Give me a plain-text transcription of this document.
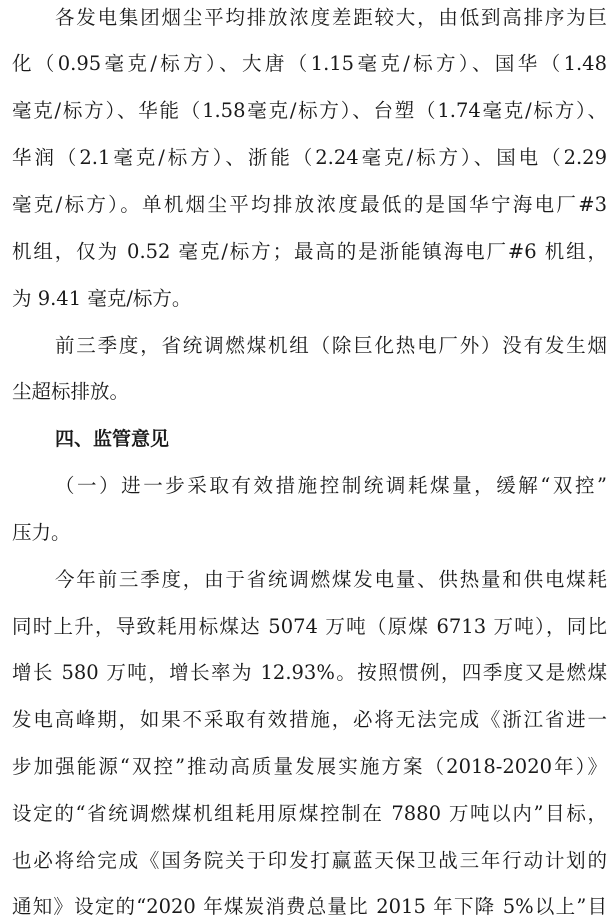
各发电集团烟尘平均排放浓度差距较大，由低到高排序为巨
化（0.95毫克/标方）、大唐（1.15毫克/标方）、国华（1.48
毫克/标方）、华能（1.58毫克/标方）、台塑（1.74毫克/标方）、
华润（2.1毫克/标方）、浙能（2.24毫克/标方）、国电（2.29
毫克/标方）。单机烟尘平均排放浓度最低的是国华宁海电厂#3
机组，仅为 0.52 毫克/标方；最高的是浙能镇海电厂#6 机组，
为 9.41 毫克/标方。
前三季度，省统调燃煤机组（除巨化热电厂外）没有发生烟
尘超标排放。
四、监管意见
（一）进一步采取有效措施控制统调耗煤量，缓解“双控”
压力。
今年前三季度，由于省统调燃煤发电量、供热量和供电煤耗
同时上升，导致耗用标煤达 5074 万吨（原煤 6713 万吨），同比
增长 580 万吨，增长率为 12.93%。按照惯例，四季度又是燃煤
发电高峰期，如果不采取有效措施，必将无法完成《浙江省进一
步加强能源“双控”推动高质量发展实施方案（2018-2020年）》
设定的“省统调燃煤机组耗用原煤控制在 7880 万吨以内”目标，
也必将给完成《国务院关于印发打赢蓝天保卫战三年行动计划的
通知》设定的“2020 年煤炭消费总量比 2015 年下降 5%以上”目
